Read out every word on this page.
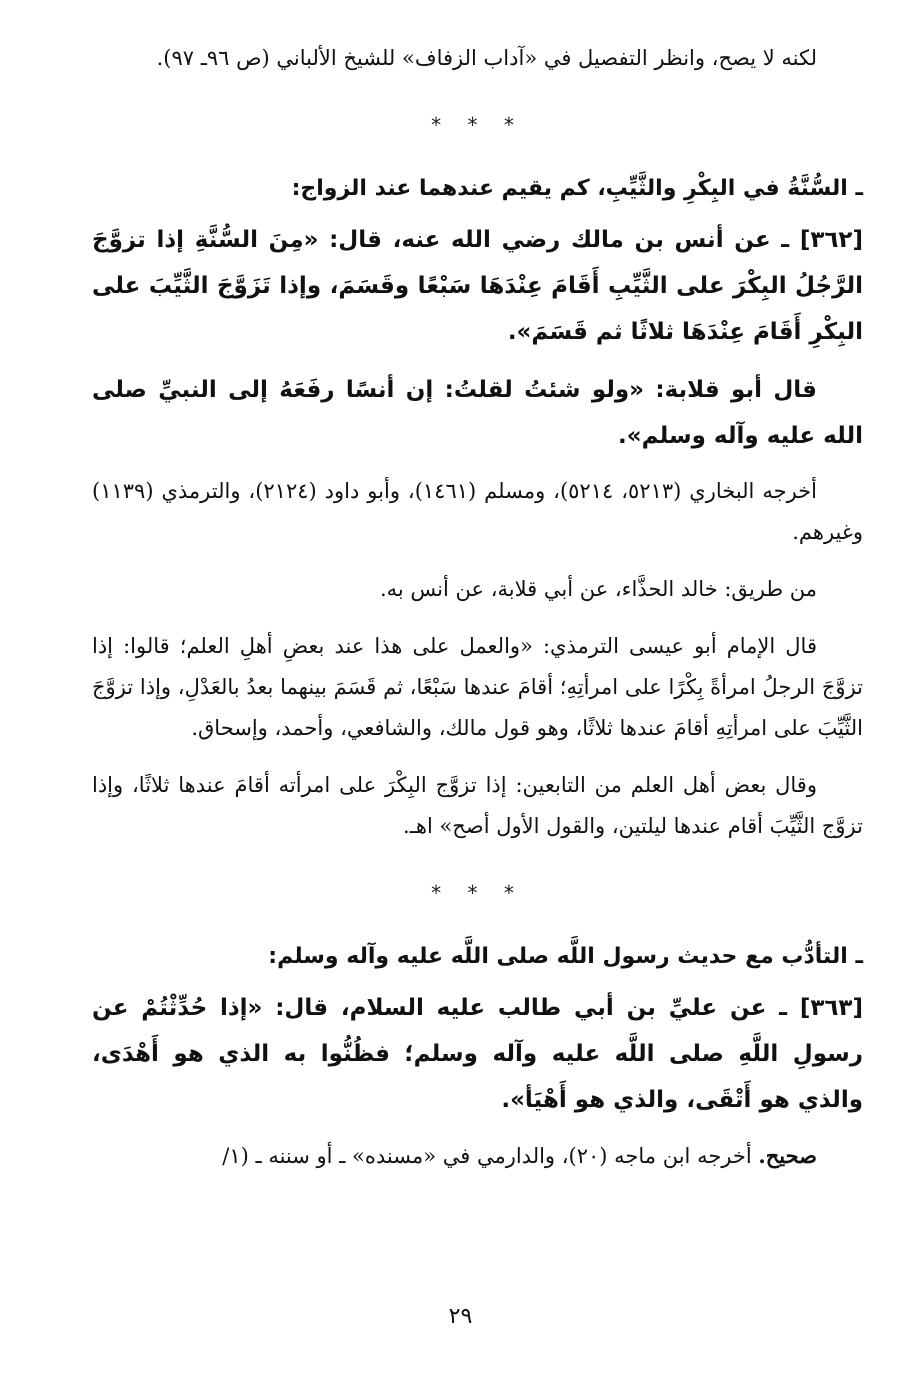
لكنه لا يصح، وانظر التفصيل في «آداب الزفاف» للشيخ الألباني (ص ٩٦ـ ٩٧).

* * *
ـ السُّنَّةُ في البِكْرِ والثَّيِّبِ، كم يقيم عندهما عند الزواج:

[٣٦٢] ـ عن أنس بن مالك رضي الله عنه، قال: «مِنَ السُّنَّةِ إذا تزوَّجَ الرَّجُلُ البِكْرَ على الثَّيِّبِ أَقَامَ عِنْدَهَا سَبْعًا وقَسَمَ، وإذا تَزَوَّجَ الثَّيِّبَ على البِكْرِ أَقَامَ عِنْدَهَا ثلاثًا ثم قَسَمَ».

قال أبو قلابة: «ولو شئتُ لقلتُ: إن أنسًا رفَعَهُ إلى النبيِّ صلى الله عليه وآله وسلم».

أخرجه البخاري (٥٢١٣، ٥٢١٤)، ومسلم (١٤٦١)، وأبو داود (٢١٢٤)، والترمذي (١١٣٩) وغيرهم.

من طريق: خالد الحذَّاء، عن أبي قلابة، عن أنس به.

قال الإمام أبو عيسى الترمذي: «والعمل على هذا عند بعضِ أهلِ العلم؛ قالوا: إذا تزوَّجَ الرجلُ امرأةً بِكْرًا على امرأتِهِ؛ أقامَ عندها سَبْعًا، ثم قَسَمَ بينهما بعدُ بالعَدْلِ، وإذا تزوَّجَ الثَّيِّبَ على امرأتِهِ أقامَ عندها ثلاثًا، وهو قول مالك، والشافعي، وأحمد، وإسحاق.

وقال بعض أهل العلم من التابعين: إذا تزوَّج البِكْرَ على امرأته أقامَ عندها ثلاثًا، وإذا تزوَّج الثَّيِّبَ أقام عندها ليلتين، والقول الأول أصح» اهـ.

* * *
ـ التأدُّب مع حديث رسول اللَّه صلى اللَّه عليه وآله وسلم:

[٣٦٣] ـ عن عليِّ بن أبي طالب عليه السلام، قال: «إذا حُدِّثْتُمْ عن رسولِ اللَّهِ صلى اللَّه عليه وآله وسلم؛ فظُنُّوا به الذي هو أَهْدَى، والذي هو أَتْقَى، والذي هو أَهْيَأ».

صحيح. أخرجه ابن ماجه (٢٠)، والدارمي في «مسنده» ـ أو سننه ـ (١/

٢٩
